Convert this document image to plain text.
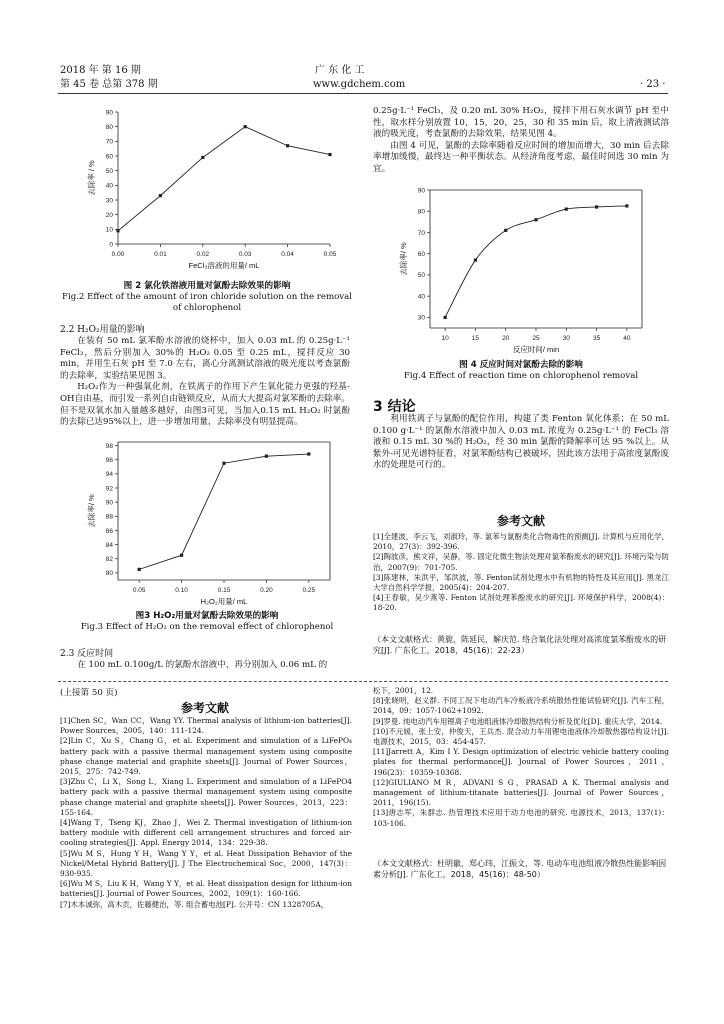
2018 年 第 16 期
第 45 卷 总第 378 期
广 东 化 工
www.gdchem.com	· 23 ·
0.00	0.01	0.02	0.03	0.04	0.05
0
10
20
30
40
50
60
70
80
90
FeCl₃溶液的用量/ mL
去除率 / %

图 2 氯化铁溶液用量对氯酚去除效果的影响

Fig.2 Effect of the amount of iron chloride solution on the removal

of chlorophenol

2.2 H₂O₂用量的影响

在装有 50 mL 氯苯酚水溶液的烧杯中，加入 0.03 mL 的 0.25g·L⁻¹ FeCl₃，然后分别加入 30%的 H₂O₂ 0.05 至 0.25 mL，搅拌反应 30 min，并用生石灰 pH 至 7.0 左右，离心分离测试溶液的吸光度以考查氯酚的去除率，实验结果见图 3。

H₂O₂作为一种强氧化剂，在铁离子的作用下产生氧化能力更强的羟基-OH自由基，而引发一系列自由链锁反应，从而大大提高对氯苯酚的去除率。但不是双氧水加入量越多越好，由图3可见，当加入0.15 mL H₂O₂ 时氯酚的去除已达95%以上，进一步增加用量，去除率没有明显提高。

0.05	0.10	0.15	0.20	0.25
80
82
84
86
88
90
92
94
96
98
H₂O₂用量/ mL
去除率/ %

图3 H₂O₂用量对氯酚去除效果的影响

Fig.3 Effect of H₂O₂ on the removal effect of chlorophenol

2.3 反应时间

在 100 mL 0.100g/L 的氯酚水溶液中，再分别加入 0.06 mL 的

0.25g·L⁻¹ FeCl₃，及 0.20 mL 30% H₂O₂，搅拌下用石灰水调节 pH 至中性，取水样分别放置 10，15，20，25，30 和 35 min 后，取上清液测试溶液的吸光度，考查氯酚的去除效果，结果见图 4。

由图 4 可见，氯酚的去除率随着反应时间的增加而增大，30 min 后去除率增加缓慢，最终达一种平衡状态。从经济角度考虑，最佳时间选 30 min 为宜。

10	15	20	25	30	35	40
30
40
50
60
70
80
90
反应时间/ min
去除率/ %

图 4 反应时间对氯酚去除的影响

Fig.4 Effect of reaction time on chlorophenol removal

3 结论

利用铁离子与氯酚的配位作用，构建了类 Fenton 氧化体系；在 50 mL 0.100 g·L⁻¹ 的氯酚水溶液中加入 0.03 mL 浓度为 0.25g·L⁻¹ 的 FeCl₃ 溶液和 0.15 mL 30 %的 H₂O₂，经 30 min 氯酚的降解率可达 95 %以上。从紫外-可见光谱特征看，对氯苯酚结构已被破坏，因此该方法用于高浓度氯酚废水的处理是可行的。

参考文献

[1]全建波，李云飞，刘淑玲，等. 氯苯与氯酚类化合物毒性的预测[J]. 计算机与应用化学，2010，27(3)：392-396.

[2]陶波彦，熊文祥，吴静，等. 固定化微生物法处理对氯苯酚废水的研究[J]. 环境污染与防治，2007(9)：701-705.

[3]陈建林，朱洪平，邹洪波，等. Fenton试剂处理水中有机物的特性及其应用[J]. 黑龙江大学自然科学学报，2005(4)：204-207.

[4]王春敏，吴少燕等. Fenton 试剂处理苯酚废水的研究[J]. 环境保护科学，2008(4)：18-20.

（本文文献格式：黄旎，陈延民，解庆范. 络合氧化法处理对高浓度氯苯酚废水的研究[J]. 广东化工，2018，45(16)：22-23）

(上接第 50 页)
参考文献

[1]Chen SC，Wan CC，Wang YY. Thermal analysis of lithium-ion batteries[J]. Power Sources，2005，140：111-124.

[2]Lin C，Xu S，Chang G，et al. Experiment and simulation of a LiFePO₄ battery pack with a passive thermal management system using composite phase change material and graphite sheets[J]. Journal of Power Sources，2015，275：742-749.

[3]Zhu C，Li X，Song L，Xiang L. Experiment and simulation of a LiFePO4 battery pack with a passive thermal management system using composite phase change material and graphite sheets[J]. Power Sources，2013，223：155-164.

[4]Wang T，Tseng KJ，Zhao J，Wei Z. Thermal investigation of lithium-ion battery module with different cell arrangement structures and forced air-cooling strategies[J]. Appl. Energy 2014，134：229-38.

[5]Wu M S，Hung Y H，Wang Y Y，et al. Heat Dissipation Behavior of the Nickel/Metal Hybrid Battery[J]. J The Electrochemical Soc，2000，147(3)：930-935.

[6]Wu M S，Liu K H，Wang Y Y，et al. Heat dissipation design for lithium-ion batteries[J]. Journal of Power Sources，2002，109(1)：160-166.

[7]木本诚弥，高木贡，佐藤健治，等. 组合蓄电池[P]. 公开号：CN 1328705A，

松下，2001，12.

[8]张晓明，赵义群. 不同工况下电动汽车冷板液冷系统散热性能试验研究[J]. 汽车工程，2014，09：1057-1062+1092.

[9]罗曼. 纯电动汽车用锂离子电池组液体冷却散热结构分析及优化[D]. 重庆大学，2014.

[10]不元媛，张上安，仲俊天，王兵杰. 混合动力车用锂电池液体冷却散热器结构设计[J]. 电源技术，2015，03：454-457.

[11]Jarrett A，Kim I Y. Design optimization of electric vehicle battery cooling plates for thermal performance[J]. Journal of Power Sources，2011，196(23)：10359-10368.

[12]GIULIANO M R，ADVANI S G，PRASAD A K. Thermal analysis and management of lithium-titanate batteries[J]. Journal of Power Sources，2011，196(15).

[13]唐志军，朱群志. 热管理技术应用于动力电池的研究. 电源技术，2013，137(1)：103-106.

（本文文献格式：杜明徽，郑心玮，江振文，等. 电动车电池组液冷散热性能影响因素分析[J]. 广东化工，2018，45(16)：48-50）
